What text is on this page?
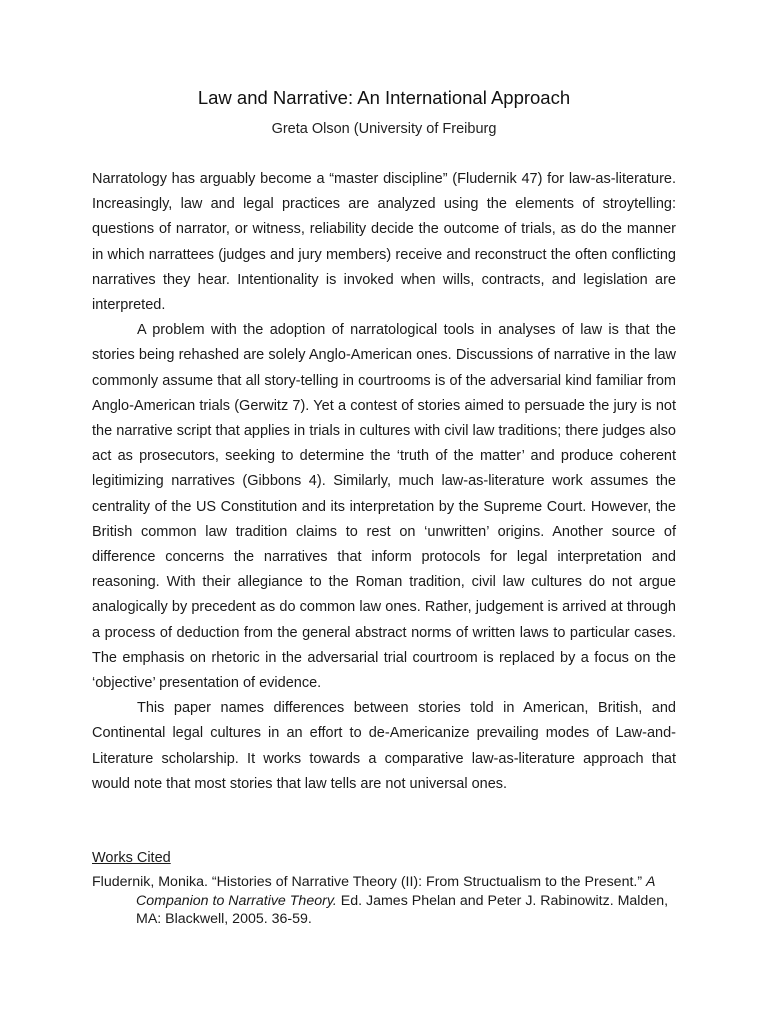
Law and Narrative: An International Approach
Greta Olson (University of Freiburg

Narratology has arguably become a “master discipline” (Fludernik 47) for law-as-literature. Increasingly, law and legal practices are analyzed using the elements of stroytelling: questions of narrator, or witness, reliability decide the outcome of trials, as do the manner in which narrattees (judges and jury members) receive and reconstruct the often conflicting narratives they hear. Intentionality is invoked when wills, contracts, and legislation are interpreted.

A problem with the adoption of narratological tools in analyses of law is that the stories being rehashed are solely Anglo-American ones. Discussions of narrative in the law commonly assume that all story-telling in courtrooms is of the adversarial kind familiar from Anglo-American trials (Gerwitz 7). Yet a contest of stories aimed to persuade the jury is not the narrative script that applies in trials in cultures with civil law traditions; there judges also act as prosecutors, seeking to determine the ‘truth of the matter’ and produce coherent legitimizing narratives (Gibbons 4). Similarly, much law-as-literature work assumes the centrality of the US Constitution and its interpretation by the Supreme Court. However, the British common law tradition claims to rest on ‘unwritten’ origins. Another source of difference concerns the narratives that inform protocols for legal interpretation and reasoning. With their allegiance to the Roman tradition, civil law cultures do not argue analogically by precedent as do common law ones. Rather, judgement is arrived at through a process of deduction from the general abstract norms of written laws to particular cases. The emphasis on rhetoric in the adversarial trial courtroom is replaced by a focus on the ‘objective’ presentation of evidence.

This paper names differences between stories told in American, British, and Continental legal cultures in an effort to de-Americanize prevailing modes of Law-and-Literature scholarship. It works towards a comparative law-as-literature approach that would note that most stories that law tells are not universal ones.

Works Cited
Fludernik, Monika. “Histories of Narrative Theory (II): From Structualism to the Present.” A Companion to Narrative Theory. Ed. James Phelan and Peter J. Rabinowitz. Malden, MA: Blackwell, 2005. 36-59.
